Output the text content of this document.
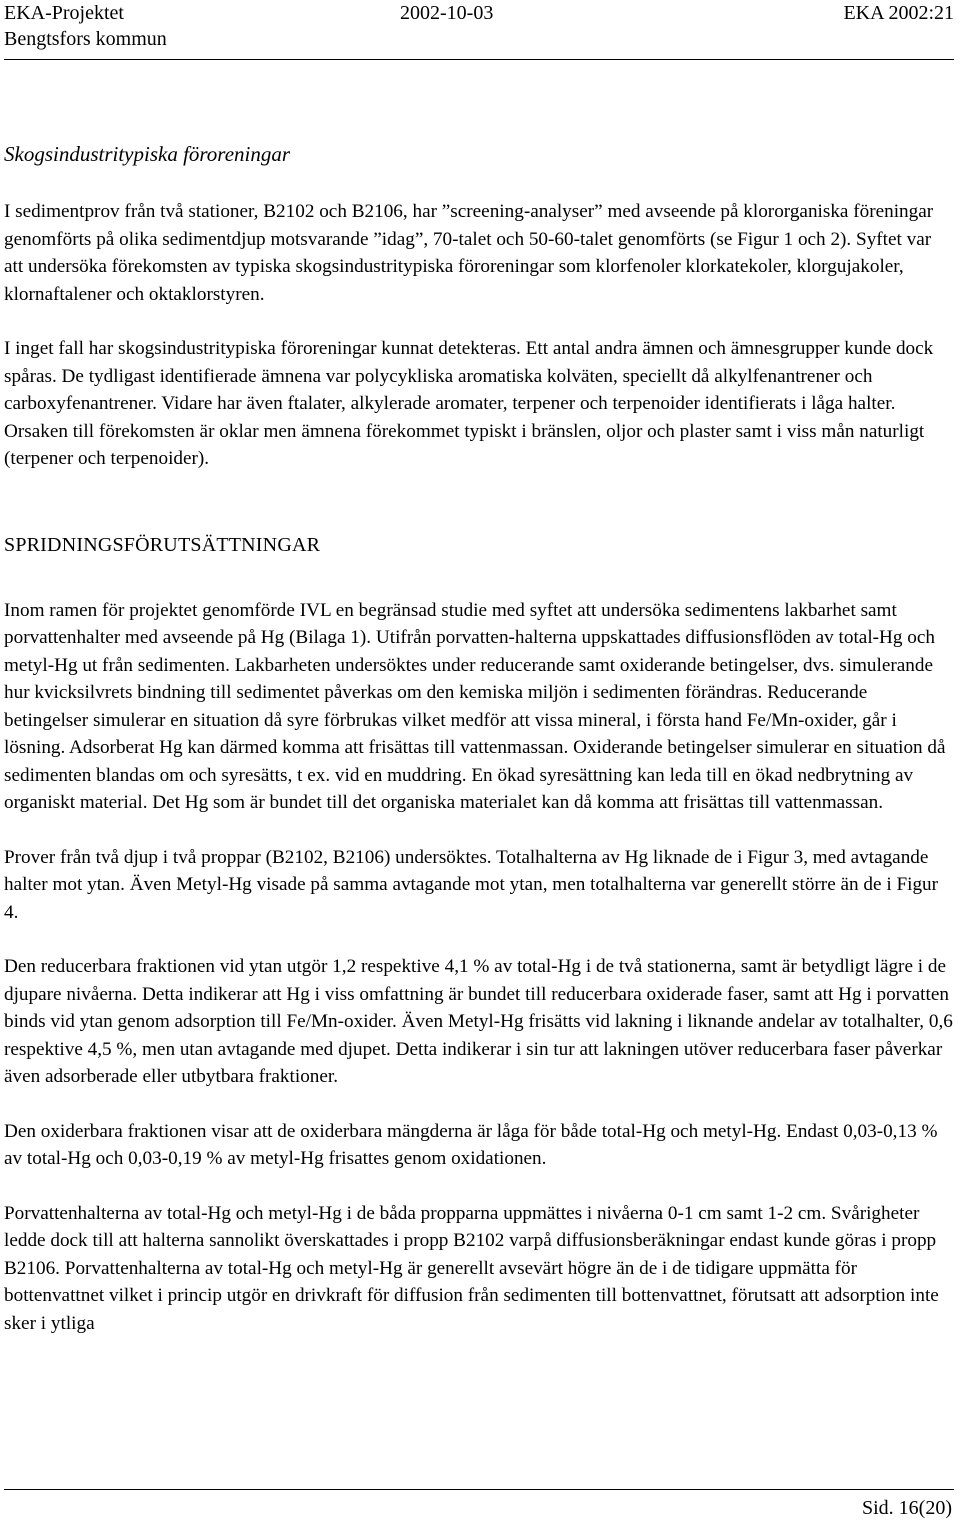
EKA-Projektet	2002-10-03	EKA 2002:21
Bengtsfors kommun
Skogsindustritypiska föroreningar

I sedimentprov från två stationer, B2102 och B2106, har ”screening-analyser” med avseende på klororganiska föreningar genomförts på olika sedimentdjup motsvarande ”idag”, 70-talet och 50-60-talet genomförts (se Figur 1 och 2). Syftet var att undersöka förekomsten av typiska skogsindustritypiska föroreningar som klorfenoler klorkatekoler, klorgujakoler, klornaftalener och oktaklorstyren.

I inget fall har skogsindustritypiska föroreningar kunnat detekteras. Ett antal andra ämnen och ämnesgrupper kunde dock spåras. De tydligast identifierade ämnena var polycykliska aromatiska kolväten, speciellt då alkylfenantrener och carboxyfenantrener. Vidare har även ftalater, alkylerade aromater, terpener och terpenoider identifierats i låga halter. Orsaken till förekomsten är oklar men ämnena förekommet typiskt i bränslen, oljor och plaster samt i viss mån naturligt (terpener och terpenoider).

SPRIDNINGSFÖRUTSÄTTNINGAR

Inom ramen för projektet genomförde IVL en begränsad studie med syftet att undersöka sedimentens lakbarhet samt porvattenhalter med avseende på Hg (Bilaga 1). Utifrån porvatten-halterna uppskattades diffusionsflöden av total-Hg och metyl-Hg ut från sedimenten. Lakbarheten undersöktes under reducerande samt oxiderande betingelser, dvs. simulerande hur kvicksilvrets bindning till sedimentet påverkas om den kemiska miljön i sedimenten förändras. Reducerande betingelser simulerar en situation då syre förbrukas vilket medför att vissa mineral, i första hand Fe/Mn-oxider, går i lösning. Adsorberat Hg kan därmed komma att frisättas till vattenmassan. Oxiderande betingelser simulerar en situation då sedimenten blandas om och syresätts, t ex. vid en muddring. En ökad syresättning kan leda till en ökad nedbrytning av organiskt material. Det Hg som är bundet till det organiska materialet kan då komma att frisättas till vattenmassan.

Prover från två djup i två proppar (B2102, B2106) undersöktes. Totalhalterna av Hg liknade de i Figur 3, med avtagande halter mot ytan. Även Metyl-Hg visade på samma avtagande mot ytan, men totalhalterna var generellt större än de i Figur 4.

Den reducerbara fraktionen vid ytan utgör 1,2 respektive 4,1 % av total-Hg i de två stationerna, samt är betydligt lägre i de djupare nivåerna. Detta indikerar att Hg i viss omfattning är bundet till reducerbara oxiderade faser, samt att Hg i porvatten binds vid ytan genom adsorption till Fe/Mn-oxider. Även Metyl-Hg frisätts vid lakning i liknande andelar av totalhalter, 0,6 respektive 4,5 %, men utan avtagande med djupet. Detta indikerar i sin tur att lakningen utöver reducerbara faser påverkar även adsorberade eller utbytbara fraktioner.

Den oxiderbara fraktionen visar att de oxiderbara mängderna är låga för både total-Hg och metyl-Hg. Endast 0,03-0,13 % av total-Hg och 0,03-0,19 % av metyl-Hg frisattes genom oxidationen.

Porvattenhalterna av total-Hg och metyl-Hg i de båda propparna uppmättes i nivåerna 0-1 cm samt 1-2 cm. Svårigheter ledde dock till att halterna sannolikt överskattades i propp B2102 varpå diffusionsberäkningar endast kunde göras i propp B2106. Porvattenhalterna av total-Hg och metyl-Hg är generellt avsevärt högre än de i de tidigare uppmätta för bottenvattnet vilket i princip utgör en drivkraft för diffusion från sedimenten till bottenvattnet, förutsatt att adsorption inte sker i ytliga

Sid. 16(20)
